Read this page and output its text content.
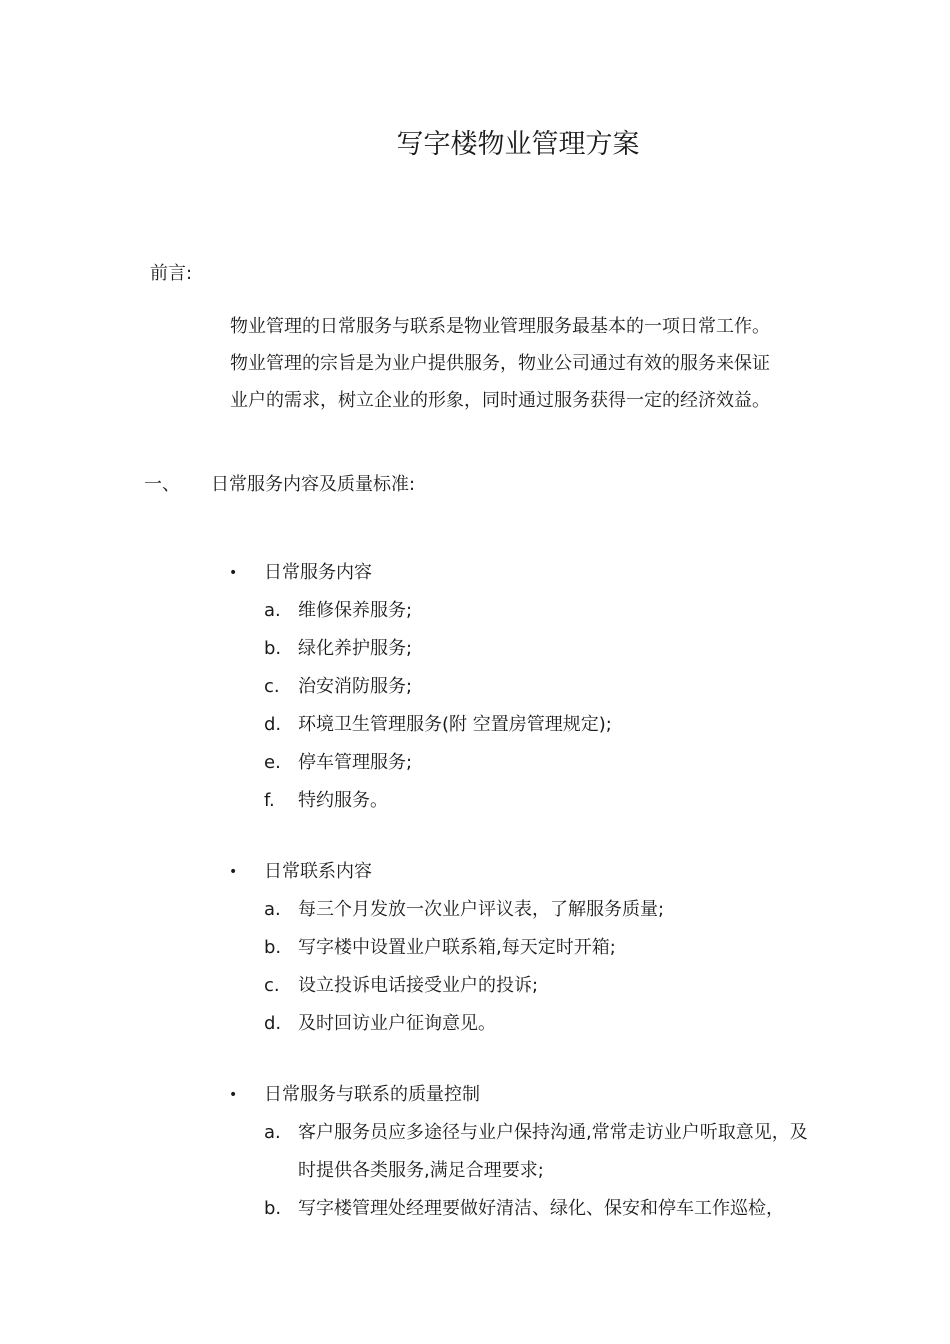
写字楼物业管理方案
前言:
物业管理的日常服务与联系是物业管理服务最基本的一项日常工作。
物业管理的宗旨是为业户提供服务，物业公司通过有效的服务来保证
业户的需求，树立企业的形象，同时通过服务获得一定的经济效益。
一、 日常服务内容及质量标准:
• 日常服务内容
a. 维修保养服务;
b. 绿化养护服务;
c.	治安消防服务;
d. 环境卫生管理服务(附 空置房管理规定);
e. 停车管理服务;
f.	特约服务。
• 日常联系内容
a. 每三个月发放一次业户评议表，了解服务质量;
b. 写字楼中设置业户联系箱,每天定时开箱;
c.	设立投诉电话接受业户的投诉;
d. 及时回访业户征询意见。
• 日常服务与联系的质量控制
a. 客户服务员应多途径与业户保持沟通,常常走访业户听取意见，及时提供各类服务,满足合理要求;
b. 写字楼管理处经理要做好清洁、绿化、保安和停车工作巡检，
